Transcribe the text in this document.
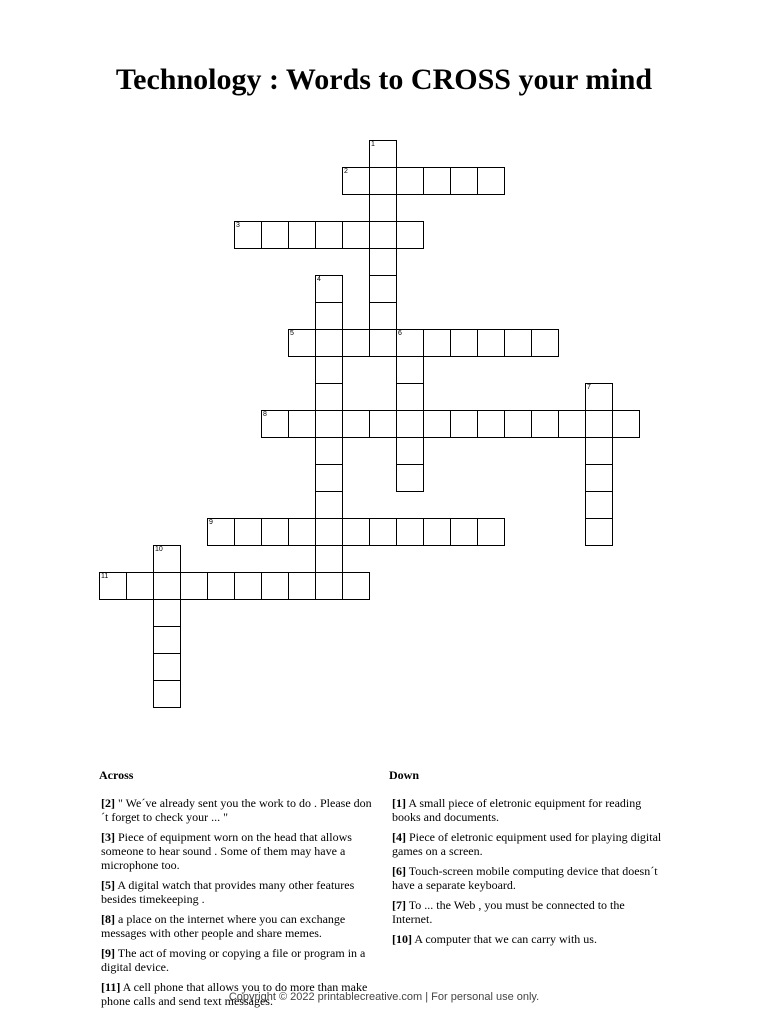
Technology : Words to CROSS your mind
1
2
3
4
5	6
7
8
9
10
11
Across	Down

[2] " We´ve already sent you the work to do . Please don´t forget to check your ... "

[3] Piece of equipment worn on the head that allows someone to hear sound . Some of them may have a microphone too.

[5] A digital watch that provides many other features besides timekeeping .

[8] a place on the internet where you can exchange messages with other people and share memes.

[9] The act of moving or copying a file or program in a digital device.

[11] A cell phone that allows you to do more than make phone calls and send text messages.

[1] A small piece of eletronic equipment for reading books and documents.

[4] Piece of eletronic equipment used for playing digital games on a screen.

[6] Touch-screen mobile computing device that doesn´t have a separate keyboard.

[7] To ... the Web , you must be connected to the Internet.

[10] A computer that we can carry with us.

Copyright © 2022 printablecreative.com | For personal use only.
